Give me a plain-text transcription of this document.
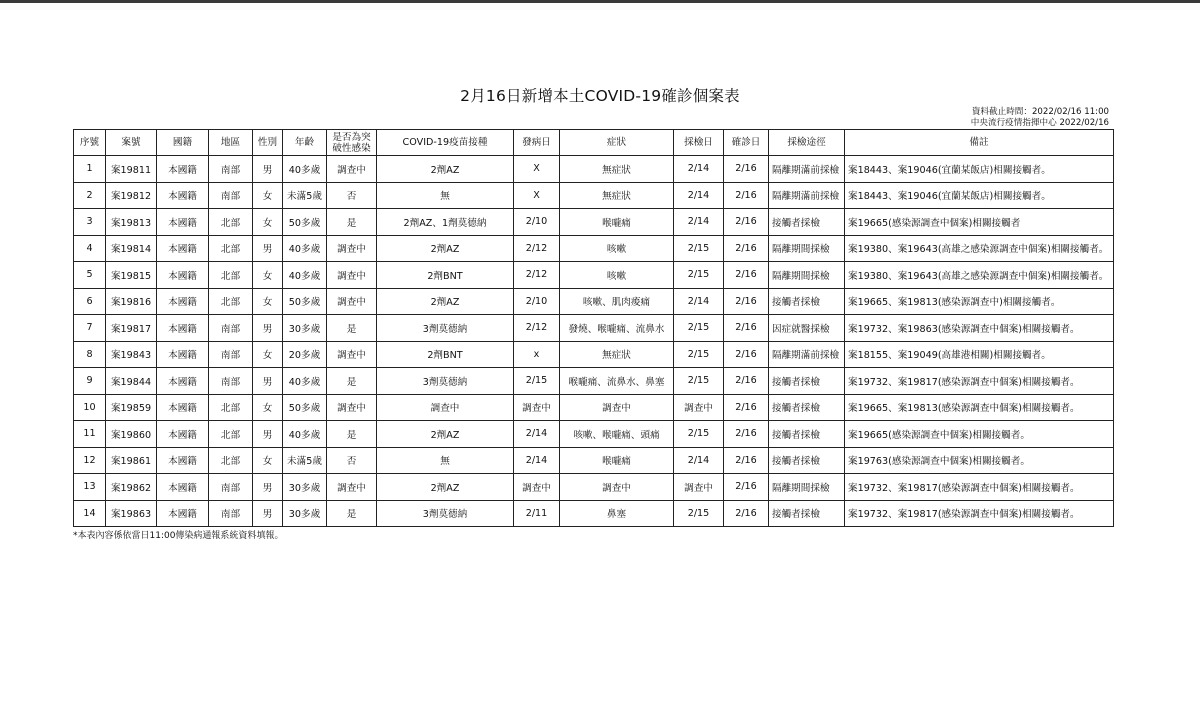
2月16日新增本土COVID-19確診個案表
資料截止時間：2022/02/16 11:00
中央流行疫情指揮中心 2022/02/16
序號	案號	國籍	地區	性別	年齡	是否為突破性感染	COVID-19疫苗接種	發病日	症狀	採檢日	確診日	採檢途徑	備註
1	案19811	本國籍	南部	男	40多歲	調查中	2劑AZ	X	無症狀	2/14	2/16	隔離期滿前採檢	案18443、案19046(宜蘭某飯店)相關接觸者。
2	案19812	本國籍	南部	女	未滿5歲	否	無	X	無症狀	2/14	2/16	隔離期滿前採檢	案18443、案19046(宜蘭某飯店)相關接觸者。
3	案19813	本國籍	北部	女	50多歲	是	2劑AZ、1劑莫德納	2/10	喉嚨痛	2/14	2/16	接觸者採檢	案19665(感染源調查中個案)相關接觸者
4	案19814	本國籍	北部	男	40多歲	調查中	2劑AZ	2/12	咳嗽	2/15	2/16	隔離期間採檢	案19380、案19643(高雄之感染源調查中個案)相關接觸者。
5	案19815	本國籍	北部	女	40多歲	調查中	2劑BNT	2/12	咳嗽	2/15	2/16	隔離期間採檢	案19380、案19643(高雄之感染源調查中個案)相關接觸者。
6	案19816	本國籍	北部	女	50多歲	調查中	2劑AZ	2/10	咳嗽、肌肉痠痛	2/14	2/16	接觸者採檢	案19665、案19813(感染源調查中)相關接觸者。
7	案19817	本國籍	南部	男	30多歲	是	3劑莫德納	2/12	發燒、喉嚨痛、流鼻水	2/15	2/16	因症就醫採檢	案19732、案19863(感染源調查中個案)相關接觸者。
8	案19843	本國籍	南部	女	20多歲	調查中	2劑BNT	x	無症狀	2/15	2/16	隔離期滿前採檢	案18155、案19049(高雄港相關)相關接觸者。
9	案19844	本國籍	南部	男	40多歲	是	3劑莫德納	2/15	喉嚨痛、流鼻水、鼻塞	2/15	2/16	接觸者採檢	案19732、案19817(感染源調查中個案)相關接觸者。
10	案19859	本國籍	北部	女	50多歲	調查中	調查中	調查中	調查中	調查中	2/16	接觸者採檢	案19665、案19813(感染源調查中個案)相關接觸者。
11	案19860	本國籍	北部	男	40多歲	是	2劑AZ	2/14	咳嗽、喉嚨痛、頭痛	2/15	2/16	接觸者採檢	案19665(感染源調查中個案)相關接觸者。
12	案19861	本國籍	北部	女	未滿5歲	否	無	2/14	喉嚨痛	2/14	2/16	接觸者採檢	案19763(感染源調查中個案)相關接觸者。
13	案19862	本國籍	南部	男	30多歲	調查中	2劑AZ	調查中	調查中	調查中	2/16	隔離期間採檢	案19732、案19817(感染源調查中個案)相關接觸者。
14	案19863	本國籍	南部	男	30多歲	是	3劑莫德納	2/11	鼻塞	2/15	2/16	接觸者採檢	案19732、案19817(感染源調查中個案)相關接觸者。
*本表內容係依當日11:00傳染病通報系統資料填報。
